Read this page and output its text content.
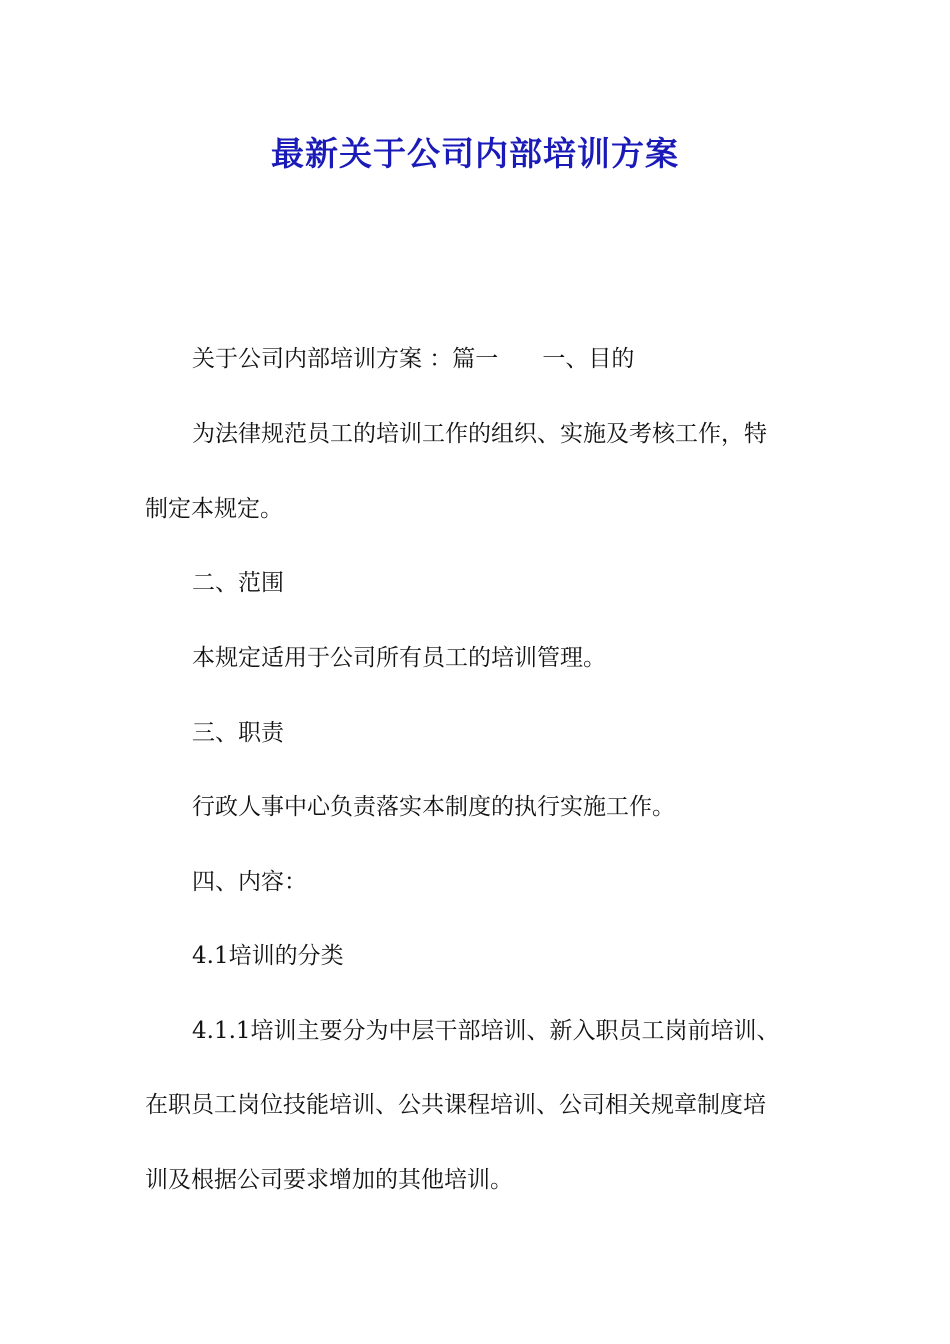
最新关于公司内部培训方案

关于公司内部培训方案 ：篇一 一、目的

为法律规范员工的培训工作的组织、实施及考核工作，特

制定本规定。

二、范围

本规定适用于公司所有员工的培训管理。

三、职责

行政人事中心负责落实本制度的执行实施工作。

四、内容：

4.1培训的分类

4.1.1培训主要分为中层干部培训、新入职员工岗前培训、

在职员工岗位技能培训、公共课程培训、公司相关规章制度培

训及根据公司要求增加的其他培训。
